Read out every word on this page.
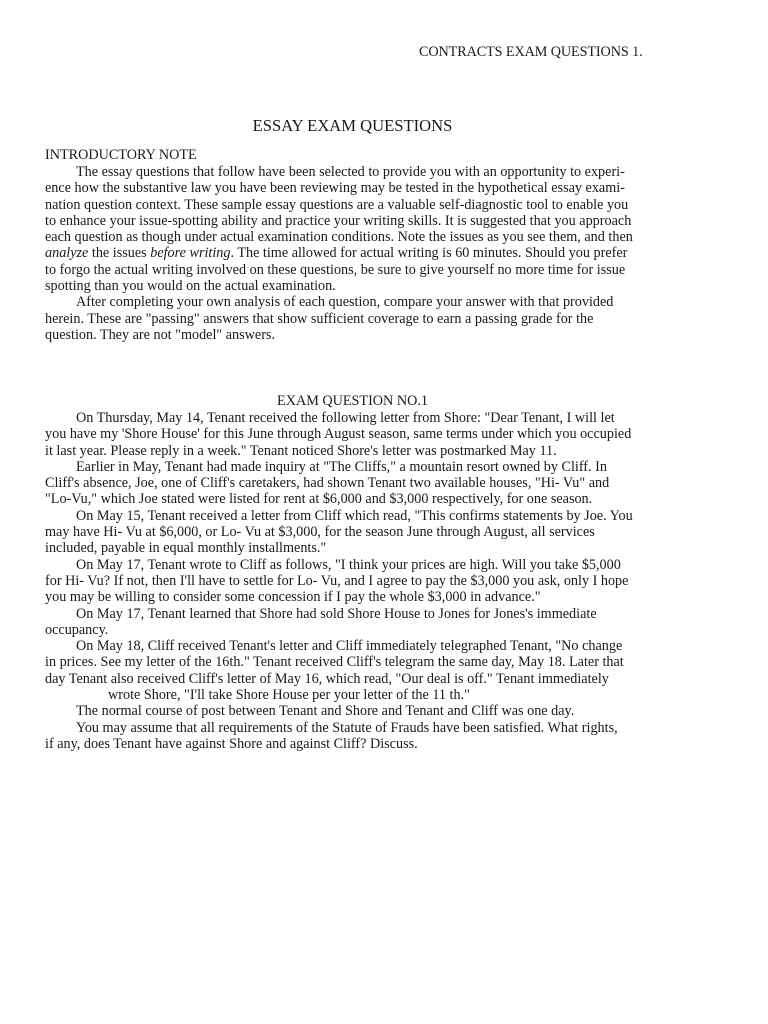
CONTRACTS EXAM QUESTIONS 1.
ESSAY EXAM QUESTIONS
INTRODUCTORY NOTE
The essay questions that follow have been selected to provide you with an opportunity to experi-
ence how the substantive law you have been reviewing may be tested in the hypothetical essay exami-
nation question context. These sample essay questions are a valuable self-diagnostic tool to enable you
to enhance your issue-spotting ability and practice your writing skills. It is suggested that you approach
each question as though under actual examination conditions. Note the issues as you see them, and then
analyze the issues before writing. The time allowed for actual writing is 60 minutes. Should you prefer
to forgo the actual writing involved on these questions, be sure to give yourself no more time for issue
spotting than you would on the actual examination.
After completing your own analysis of each question, compare your answer with that provided
herein. These are "passing" answers that show sufficient coverage to earn a passing grade for the
question. They are not "model" answers.
EXAM QUESTION NO.1
On Thursday, May 14, Tenant received the following letter from Shore: "Dear Tenant, I will let
you have my 'Shore House' for this June through August season, same terms under which you occupied
it last year. Please reply in a week." Tenant noticed Shore's letter was postmarked May 11.
Earlier in May, Tenant had made inquiry at "The Cliffs," a mountain resort owned by Cliff. In
Cliff's absence, Joe, one of Cliff's caretakers, had shown Tenant two available houses, "Hi- Vu" and
"Lo-Vu," which Joe stated were listed for rent at $6,000 and $3,000 respectively, for one season.
On May 15, Tenant received a letter from Cliff which read, "This confirms statements by Joe. You
may have Hi- Vu at $6,000, or Lo- Vu at $3,000, for the season June through August, all services
included, payable in equal monthly installments."
On May 17, Tenant wrote to Cliff as follows, "I think your prices are high. Will you take $5,000
for Hi- Vu? If not, then I'll have to settle for Lo- Vu, and I agree to pay the $3,000 you ask, only I hope
you may be willing to consider some concession if I pay the whole $3,000 in advance."
On May 17, Tenant learned that Shore had sold Shore House to Jones for Jones's immediate
occupancy.
On May 18, Cliff received Tenant's letter and Cliff immediately telegraphed Tenant, "No change
in prices. See my letter of the 16th." Tenant received Cliff's telegram the same day, May 18. Later that
day Tenant also received Cliff's letter of May 16, which read, "Our deal is off." Tenant immediately
wrote Shore, "I'll take Shore House per your letter of the 11 th."
The normal course of post between Tenant and Shore and Tenant and Cliff was one day.
You may assume that all requirements of the Statute of Frauds have been satisfied. What rights,
if any, does Tenant have against Shore and against Cliff? Discuss.
